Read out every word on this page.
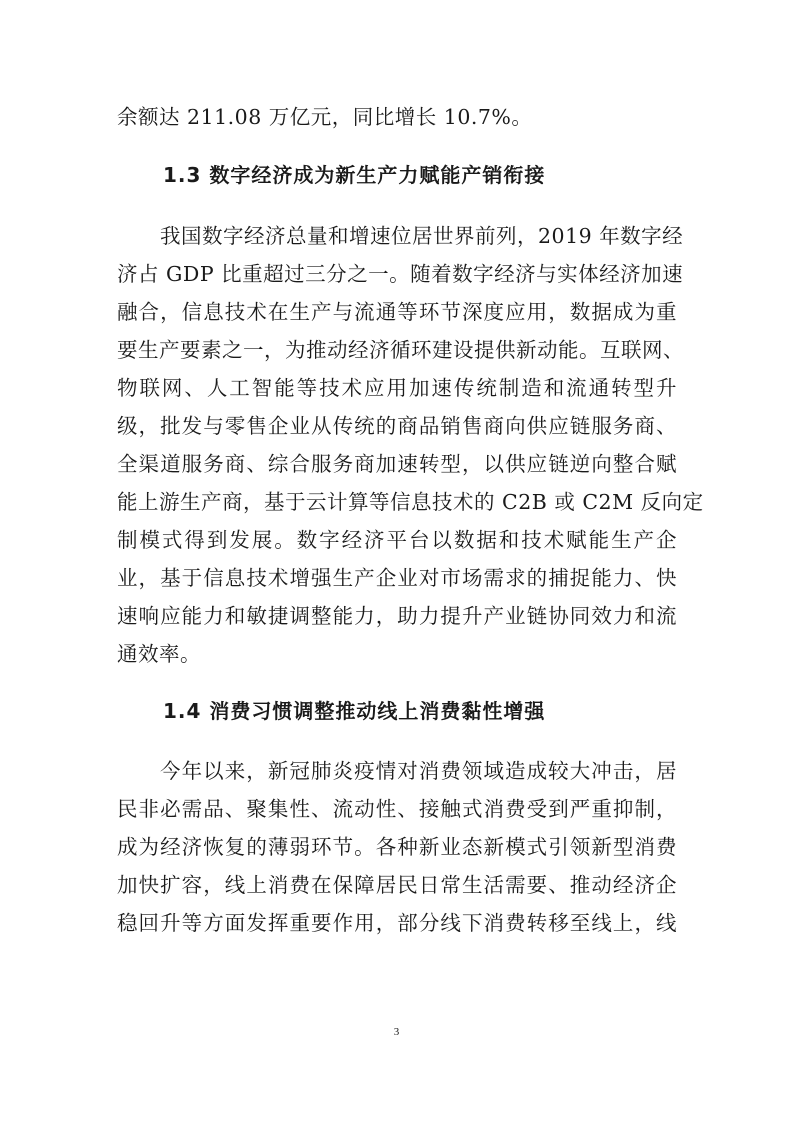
余额达 211.08 万亿元，同比增长 10.7%。
1.3 数字经济成为新生产力赋能产销衔接
我国数字经济总量和增速位居世界前列，2019 年数字经
济占 GDP 比重超过三分之一。随着数字经济与实体经济加速
融合，信息技术在生产与流通等环节深度应用，数据成为重
要生产要素之一，为推动经济循环建设提供新动能。互联网、
物联网、人工智能等技术应用加速传统制造和流通转型升
级，批发与零售企业从传统的商品销售商向供应链服务商、
全渠道服务商、综合服务商加速转型，以供应链逆向整合赋
能上游生产商，基于云计算等信息技术的 C2B 或 C2M 反向定
制模式得到发展。数字经济平台以数据和技术赋能生产企
业，基于信息技术增强生产企业对市场需求的捕捉能力、快
速响应能力和敏捷调整能力，助力提升产业链协同效力和流
通效率。
1.4 消费习惯调整推动线上消费黏性增强
今年以来，新冠肺炎疫情对消费领域造成较大冲击，居
民非必需品、聚集性、流动性、接触式消费受到严重抑制，
成为经济恢复的薄弱环节。各种新业态新模式引领新型消费
加快扩容，线上消费在保障居民日常生活需要、推动经济企
稳回升等方面发挥重要作用，部分线下消费转移至线上，线
3
